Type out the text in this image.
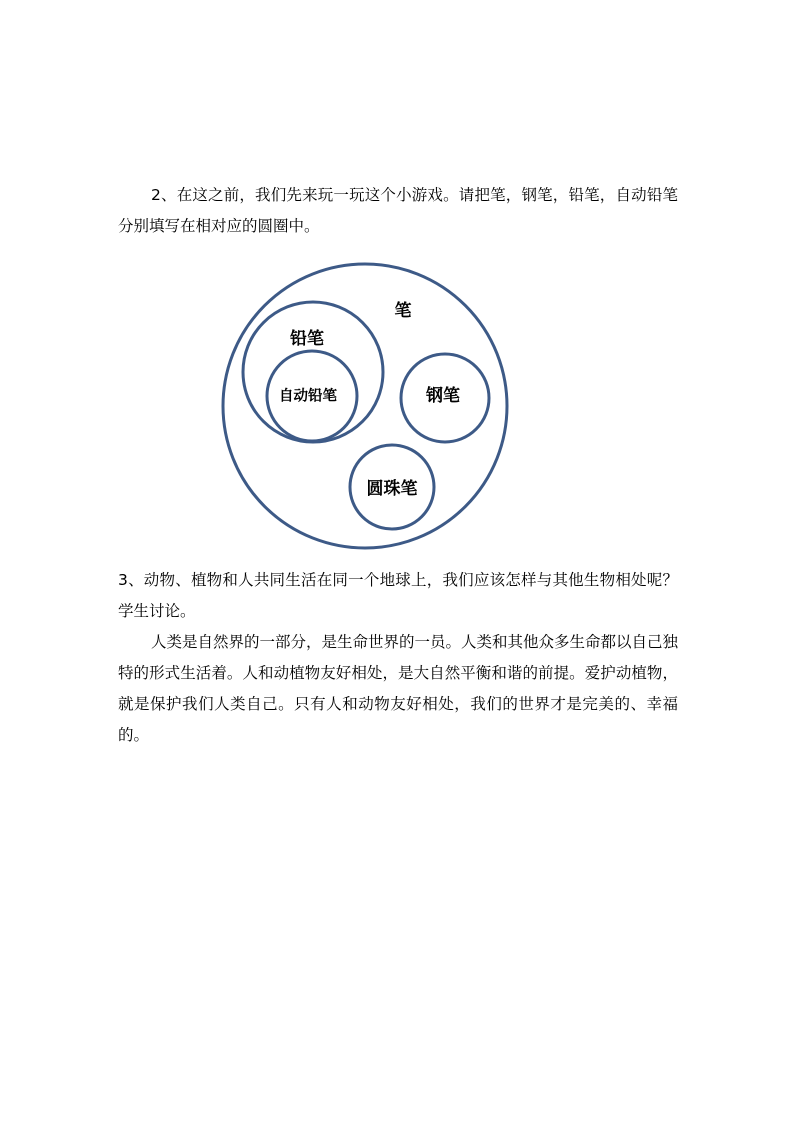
2、在这之前，我们先来玩一玩这个小游戏。请把笔，钢笔，铅笔，自动铅笔分别填写在相对应的圆圈中。

笔
铅笔
自动铅笔	钢笔
圆珠笔

3、动物、植物和人共同生活在同一个地球上，我们应该怎样与其他生物相处呢？学生讨论。

人类是自然界的一部分，是生命世界的一员。人类和其他众多生命都以自己独特的形式生活着。人和动植物友好相处，是大自然平衡和谐的前提。爱护动植物，就是保护我们人类自己。只有人和动物友好相处，我们的世界才是完美的、幸福的。
